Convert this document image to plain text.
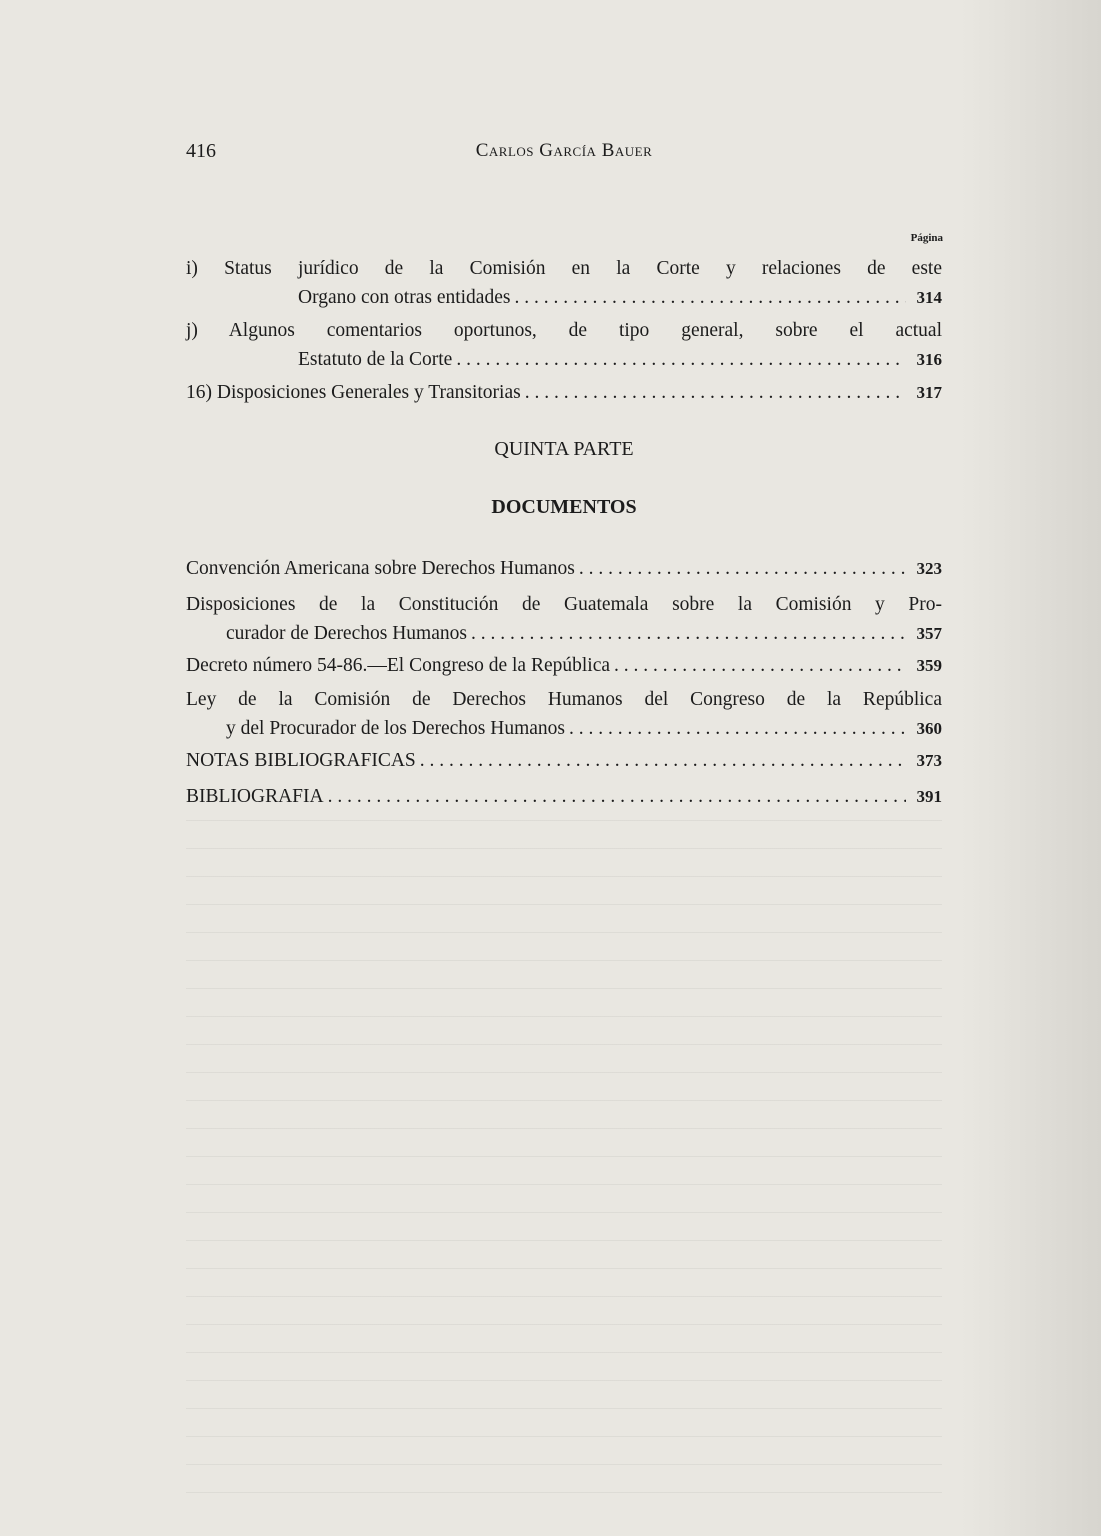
416	Carlos García Bauer
Página
i) Status jurídico de la Comisión en la Corte y relaciones de este
Organo con otras entidades . . .	314
j) Algunos comentarios oportunos, de tipo general, sobre el actual
Estatuto de la Corte . . .	316
16) Disposiciones Generales y Transitorias . . .	317
QUINTA PARTE
DOCUMENTOS
Convención Americana sobre Derechos Humanos . . .	323
Disposiciones de la Constitución de Guatemala sobre la Comisión y Pro-
curador de Derechos Humanos . . .	357
Decreto número 54-86.—El Congreso de la República . . .	359
Ley de la Comisión de Derechos Humanos del Congreso de la República
y del Procurador de los Derechos Humanos . . .	360
NOTAS BIBLIOGRAFICAS . . .	373
BIBLIOGRAFIA . . .	391
